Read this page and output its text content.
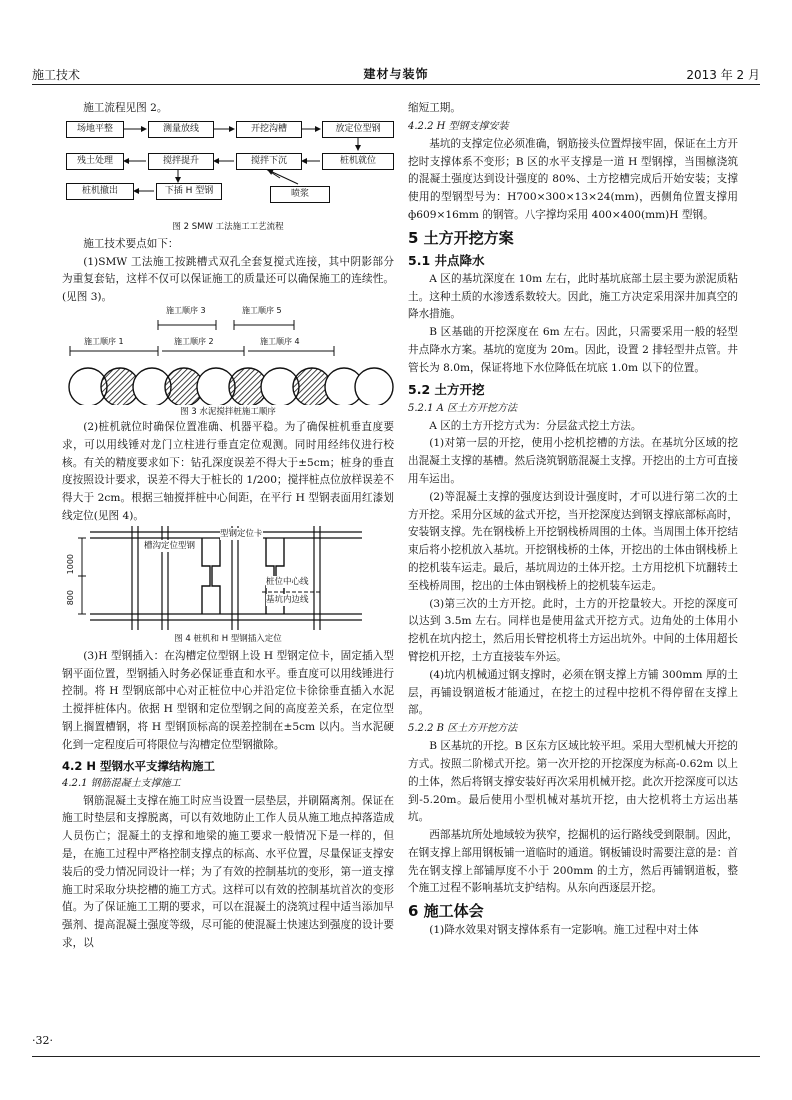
施工技术	建材与装饰	2013 年 2 月

施工流程见图 2。

场地平整	测量放线	开挖沟槽	放定位型钢
残土处理	搅拌提升	搅拌下沉	桩机就位
桩机撤出	下插 H 型钢	喷浆
图 2 SMW 工法施工工艺流程

施工技术要点如下：

(1)SMW 工法施工按跳槽式双孔全套复搅式连接，其中阴影部分为重复套钻，这样不仅可以保证施工的质量还可以确保施工的连续性。(见图 3)。

施工顺序 3	施工顺序 5
施工顺序 1	施工顺序 2	施工顺序 4
图 3 水泥搅拌桩施工顺序

(2)桩机就位时确保位置准确、机器平稳。为了确保桩机垂直度要求，可以用线锤对龙门立柱进行垂直定位观测。同时用经纬仪进行校核。有关的精度要求如下：钻孔深度误差不得大于±5cm；桩身的垂直度按照设计要求，误差不得大于桩长的 1/200；搅拌桩点位放样误差不得大于 2cm。根据三轴搅拌桩中心间距，在平行 H 型钢表面用红漆划线定位(见图 4)。

槽沟定位型钢
型钢定位卡
桩位中心线
基坑内边线
1000
800
图 4 桩机和 H 型钢插入定位

(3)H 型钢插入：在沟槽定位型钢上设 H 型钢定位卡，固定插入型钢平面位置，型钢插入时务必保证垂直和水平。垂直度可以用线锤进行控制。将 H 型钢底部中心对正桩位中心并沿定位卡徐徐垂直插入水泥土搅拌桩体内。依据 H 型钢和定位型钢之间的高度差关系，在定位型钢上搁置槽钢，将 H 型钢顶标高的误差控制在±5cm 以内。当水泥硬化到一定程度后可将限位与沟槽定位型钢撤除。

4.2 H 型钢水平支撑结构施工
4.2.1 钢筋混凝土支撑施工

钢筋混凝土支撑在施工时应当设置一层垫层，并刷隔离剂。保证在施工时垫层和支撑脱离，可以有效地防止工作人员从施工地点掉落造成人员伤亡；混凝土的支撑和地梁的施工要求一般情况下是一样的，但是，在施工过程中严格控制支撑点的标高、水平位置，尽量保证支撑安装后的受力情况同设计一样；为了有效的控制基坑的变形，第一道支撑施工时采取分块挖槽的施工方式。这样可以有效的控制基坑首次的变形值。为了保证施工工期的要求，可以在混凝土的浇筑过程中适当添加早强剂、提高混凝土强度等级，尽可能的使混凝土快速达到强度的设计要求，以

缩短工期。

4.2.2 H 型钢支撑安装

基坑的支撑定位必须准确，钢筋接头位置焊接牢固，保证在土方开挖时支撑体系不变形；B 区的水平支撑是一道 H 型钢撑，当围檩浇筑的混凝土强度达到设计强度的 80%、土方挖槽完成后开始安装；支撑使用的型钢型号为：H700×300×13×24(mm)，西侧角位置支撑用 ф609×16mm 的钢管。八字撑均采用 400×400(mm)H 型钢。

5 土方开挖方案
5.1 井点降水

A 区的基坑深度在 10m 左右，此时基坑底部土层主要为淤泥质粘土。这种土质的水渗透系数较大。因此，施工方决定采用深井加真空的降水措施。

B 区基础的开挖深度在 6m 左右。因此，只需要采用一般的轻型井点降水方案。基坑的宽度为 20m。因此，设置 2 排轻型井点管。井管长为 8.0m，保证将地下水位降低在坑底 1.0m 以下的位置。

5.2 土方开挖
5.2.1 A 区土方开挖方法

A 区的土方开挖方式为：分层盆式挖土方法。

(1)对第一层的开挖，使用小挖机挖槽的方法。在基坑分区域的挖出混凝土支撑的基槽。然后浇筑钢筋混凝土支撑。开挖出的土方可直接用车运出。

(2)等混凝土支撑的强度达到设计强度时，才可以进行第二次的土方开挖。采用分区域的盆式开挖，当开挖深度达到钢支撑底部标高时，安装钢支撑。先在钢栈桥上开挖钢栈桥周围的土体。当周围土体开挖结束后将小挖机放入基坑。开挖钢栈桥的土体，开挖出的土体由钢栈桥上的挖机装车运走。最后，基坑周边的土体开挖。土方用挖机下坑翻转土至栈桥周围，挖出的土体由钢栈桥上的挖机装车运走。

(3)第三次的土方开挖。此时，土方的开挖量较大。开挖的深度可以达到 3.5m 左右。同样也是使用盆式开挖方式。边角处的土体用小挖机在坑内挖土，然后用长臂挖机将土方运出坑外。中间的土体用超长臂挖机开挖，土方直接装车外运。

(4)坑内机械通过钢支撑时，必须在钢支撑上方铺 300mm 厚的土层，再铺设钢道板才能通过，在挖土的过程中挖机不得停留在支撑上部。

5.2.2 B 区土方开挖方法

B 区基坑的开挖。B 区东方区域比较平坦。采用大型机械大开挖的方式。按照二阶梯式开挖。第一次开挖的开挖深度为标高-0.62m 以上的土体，然后将钢支撑安装好再次采用机械开挖。此次开挖深度可以达到-5.20m。最后使用小型机械对基坑开挖，由大挖机将土方运出基坑。

西部基坑所处地域较为狭窄，挖掘机的运行路线受到限制。因此，在钢支撑上部用钢板铺一道临时的通道。钢板铺设时需要注意的是：首先在钢支撑上部铺厚度不小于 200mm 的土方，然后再铺钢道板，整个施工过程不影响基坑支护结构。从东向西逐层开挖。

6 施工体会

(1)降水效果对钢支撑体系有一定影响。施工过程中对土体

·32·
